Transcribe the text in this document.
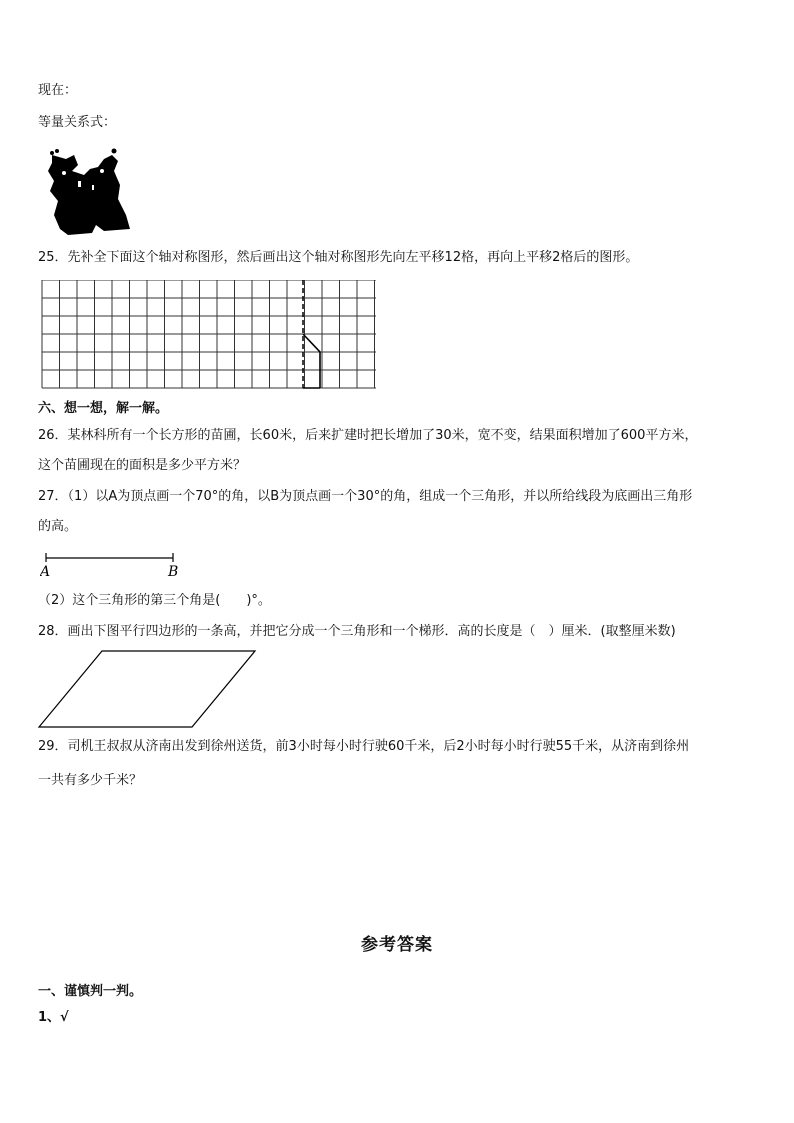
现在：
等量关系式：
25．先补全下面这个轴对称图形，然后画出这个轴对称图形先向左平移12格，再向上平移2格后的图形。
六、想一想，解一解。
26．某林科所有一个长方形的苗圃，长60米，后来扩建时把长增加了30米，宽不变，结果面积增加了600平方米，
这个苗圃现在的面积是多少平方米？
27．（1）以A为顶点画一个70°的角，以B为顶点画一个30°的角，组成一个三角形，并以所给线段为底画出三角形
的高。
A	B
（2）这个三角形的第三个角是(　　)°。
28．画出下图平行四边形的一条高，并把它分成一个三角形和一个梯形．高的长度是（　）厘米．(取整厘米数)
29．司机王叔叔从济南出发到徐州送货，前3小时每小时行驶60千米，后2小时每小时行驶55千米，从济南到徐州
一共有多少千米？
参考答案
一、谨慎判一判。
1、√
